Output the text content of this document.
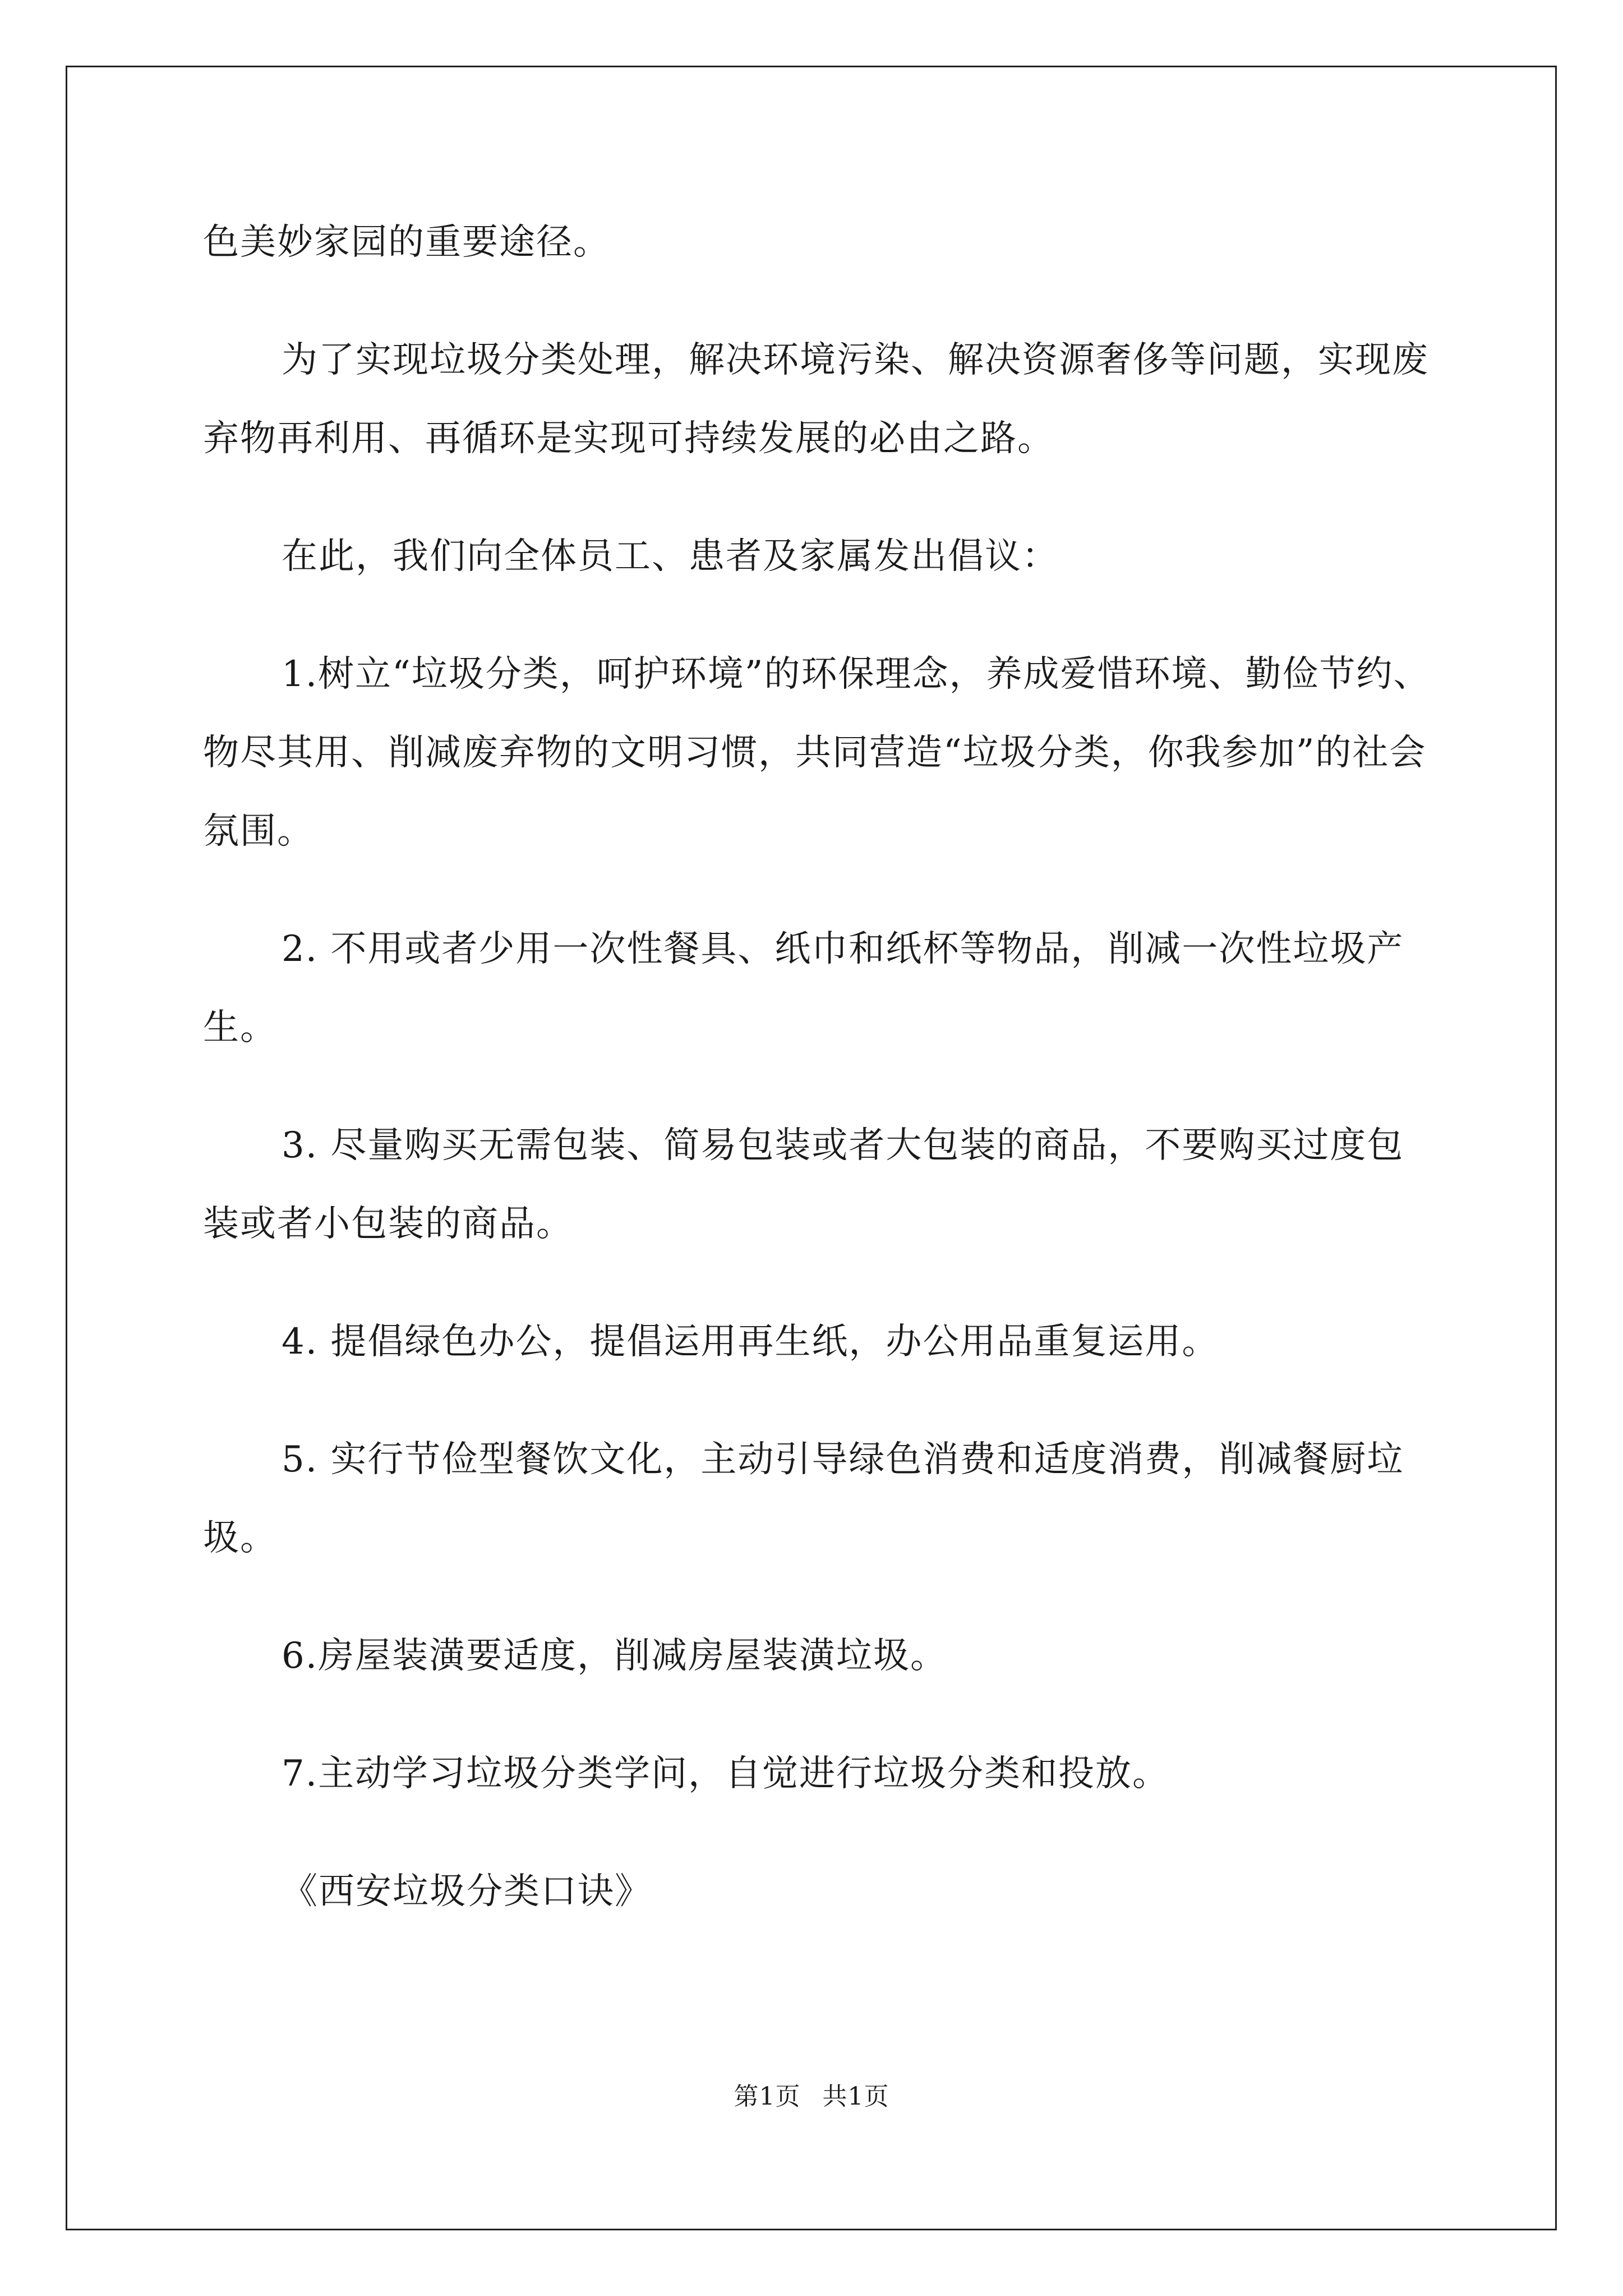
色美妙家园的重要途径。

为了实现垃圾分类处理，解决环境污染、解决资源奢侈等问题，实现废弃物再利用、再循环是实现可持续发展的必由之路。

在此，我们向全体员工、患者及家属发出倡议：

1.树立“垃圾分类，呵护环境”的环保理念，养成爱惜环境、勤俭节约、物尽其用、削减废弃物的文明习惯，共同营造“垃圾分类，你我参加”的社会氛围。

2. 不用或者少用一次性餐具、纸巾和纸杯等物品，削减一次性垃圾产生。

3. 尽量购买无需包装、简易包装或者大包装的商品，不要购买过度包装或者小包装的商品。

4. 提倡绿色办公，提倡运用再生纸，办公用品重复运用。

5. 实行节俭型餐饮文化，主动引导绿色消费和适度消费，削减餐厨垃圾。

6.房屋装潢要适度，削减房屋装潢垃圾。

7.主动学习垃圾分类学问，自觉进行垃圾分类和投放。

《西安垃圾分类口诀》

第1页 共1页
